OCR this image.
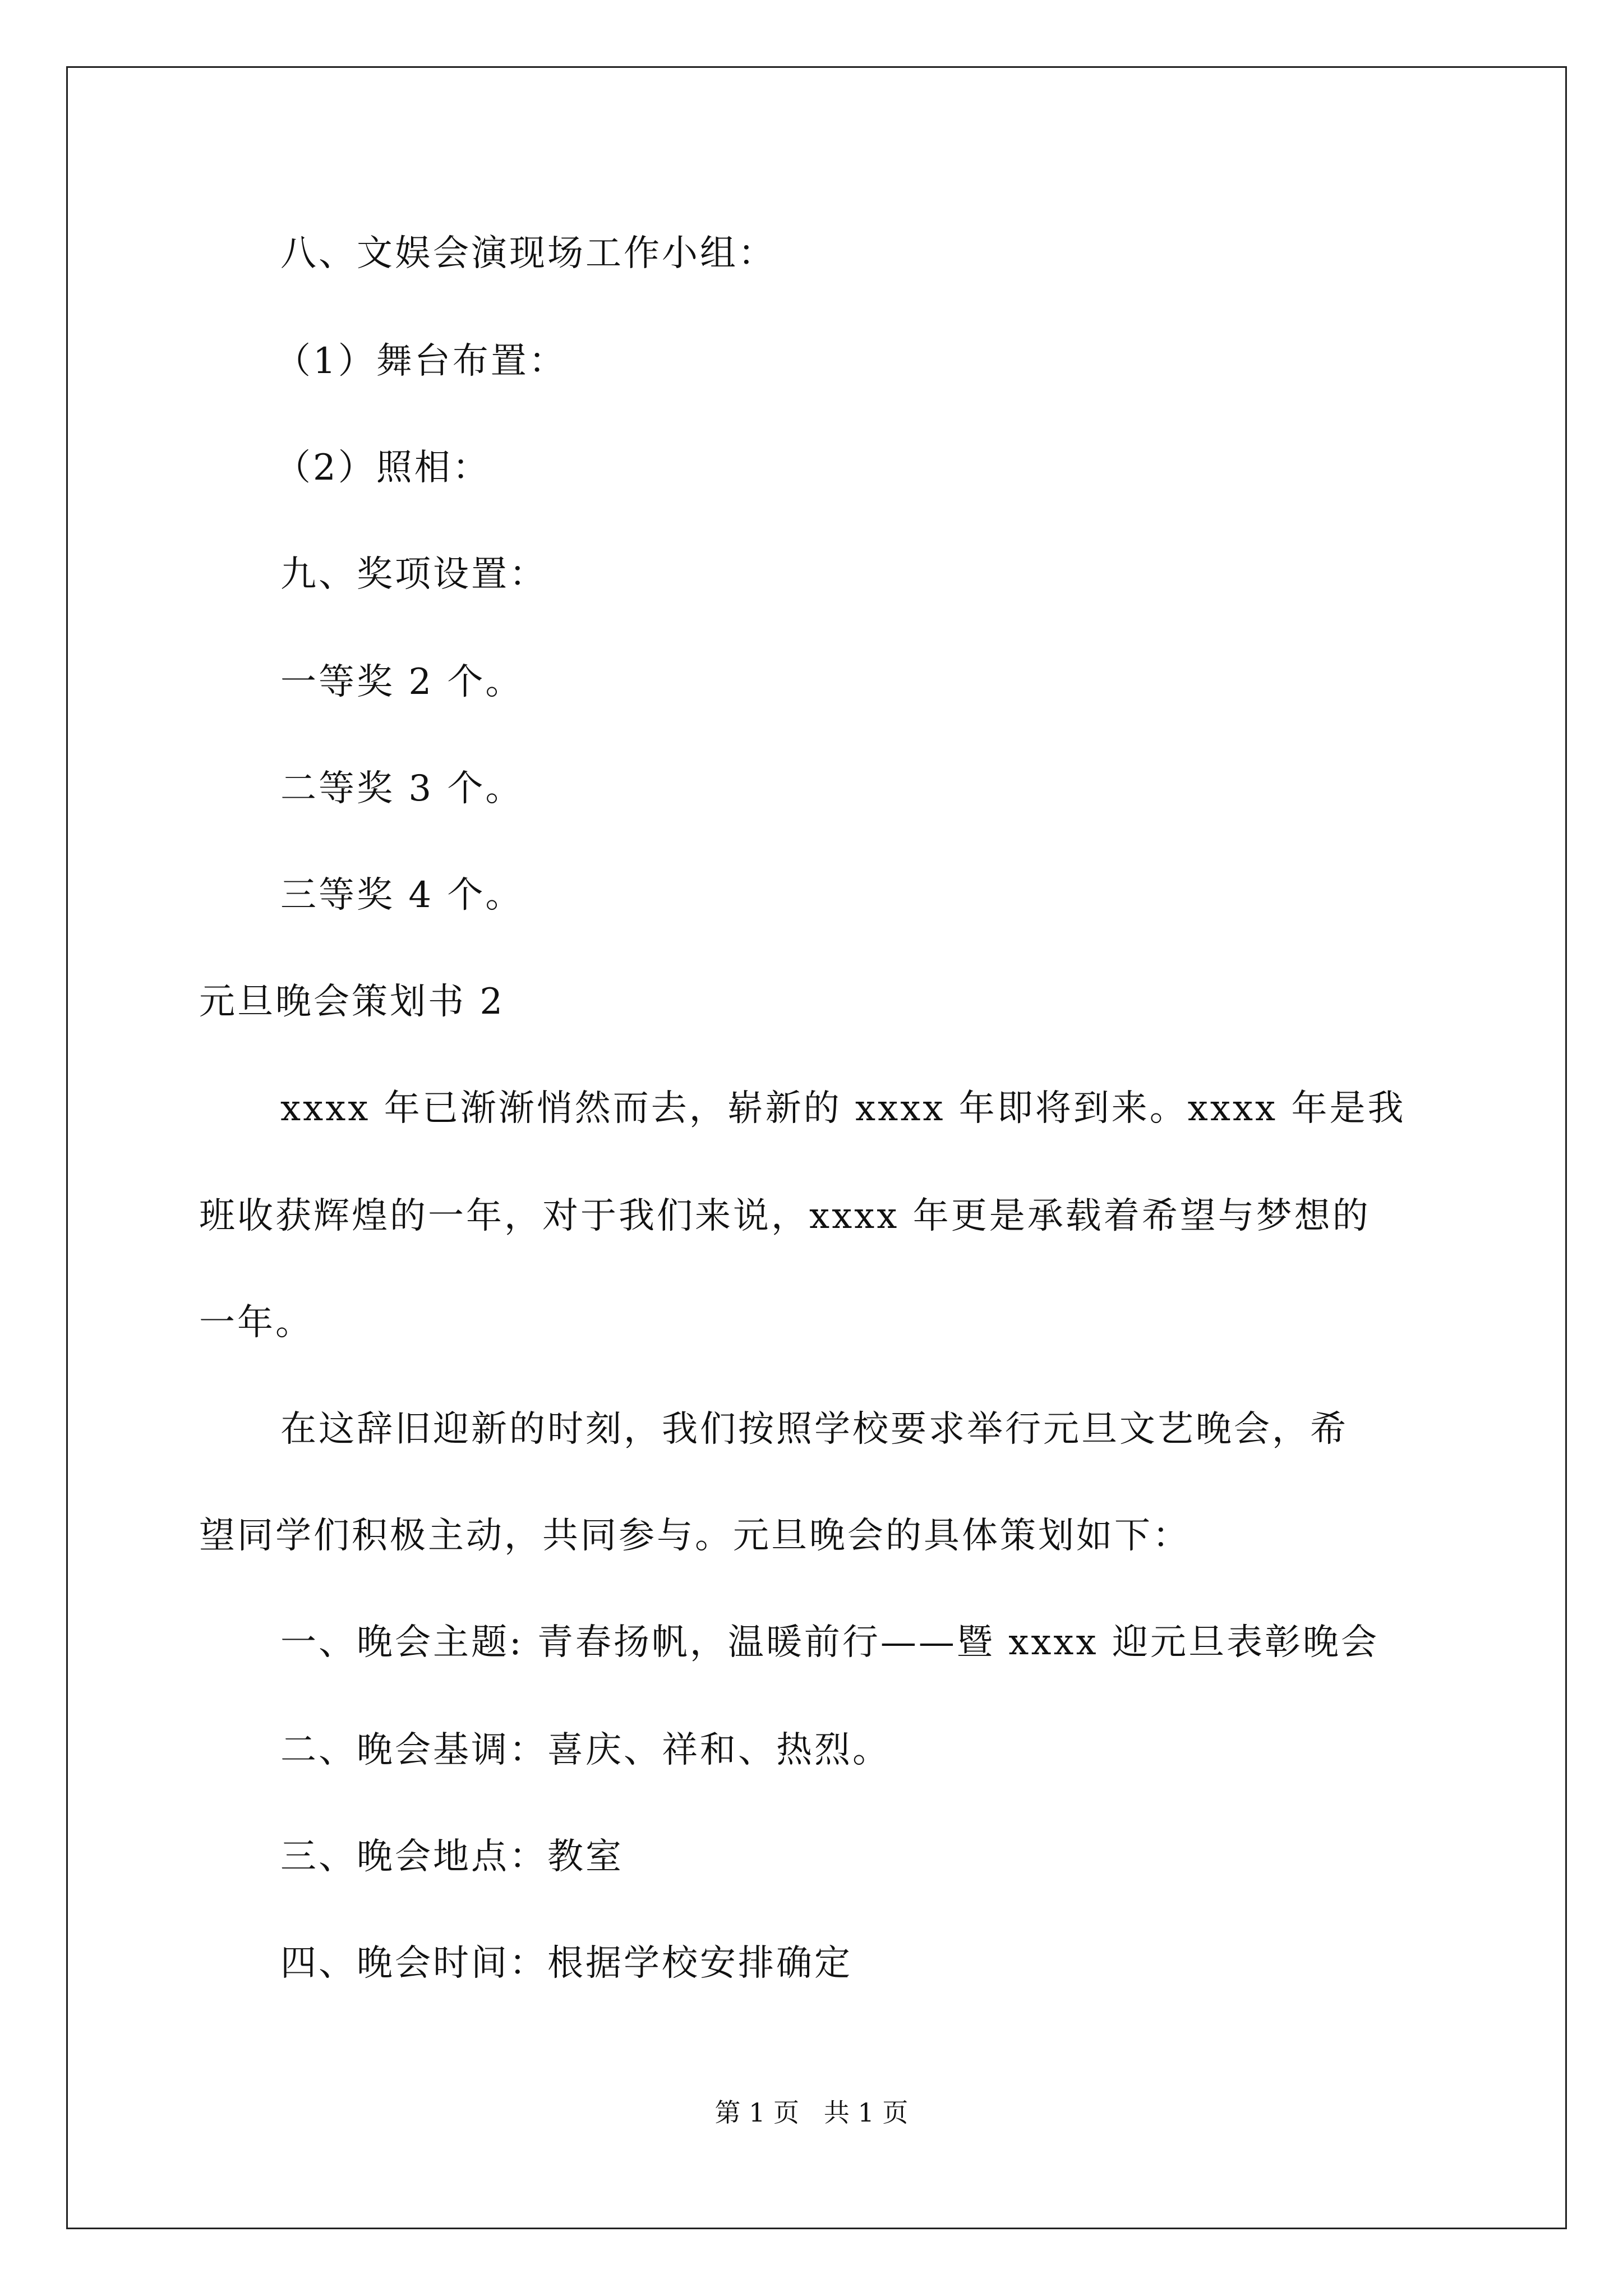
八、文娱会演现场工作小组：
（1）舞台布置：
（2）照相：
九、奖项设置：
一等奖 2 个。
二等奖 3 个。
三等奖 4 个。
元旦晚会策划书 2
xxxx 年已渐渐悄然而去，崭新的 xxxx 年即将到来。xxxx 年是我
班收获辉煌的一年，对于我们来说，xxxx 年更是承载着希望与梦想的
一年。
在这辞旧迎新的时刻，我们按照学校要求举行元旦文艺晚会，希
望同学们积极主动，共同参与。元旦晚会的具体策划如下：
一、晚会主题: 青春扬帆，温暖前行——暨 xxxx 迎元旦表彰晚会
二、晚会基调：喜庆、祥和、热烈。
三、晚会地点：教室
四、晚会时间：根据学校安排确定
第 1 页   共 1 页
